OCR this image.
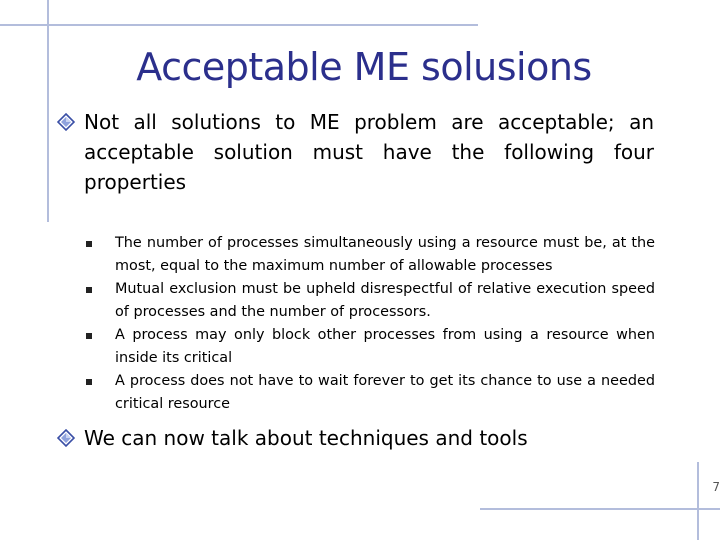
Acceptable ME solusions

Not all solutions to ME problem are acceptable; an acceptable solution must have the following four properties

The number of processes simultaneously using a resource must be, at the most, equal to the maximum number of allowable processes
Mutual exclusion must be upheld disrespectful of relative execution speed of processes and the number of processors.
A process may only block other processes from using a resource when inside its critical
A process does not have to wait forever to get its chance to use a needed critical resource

We can now talk about techniques and tools

7
